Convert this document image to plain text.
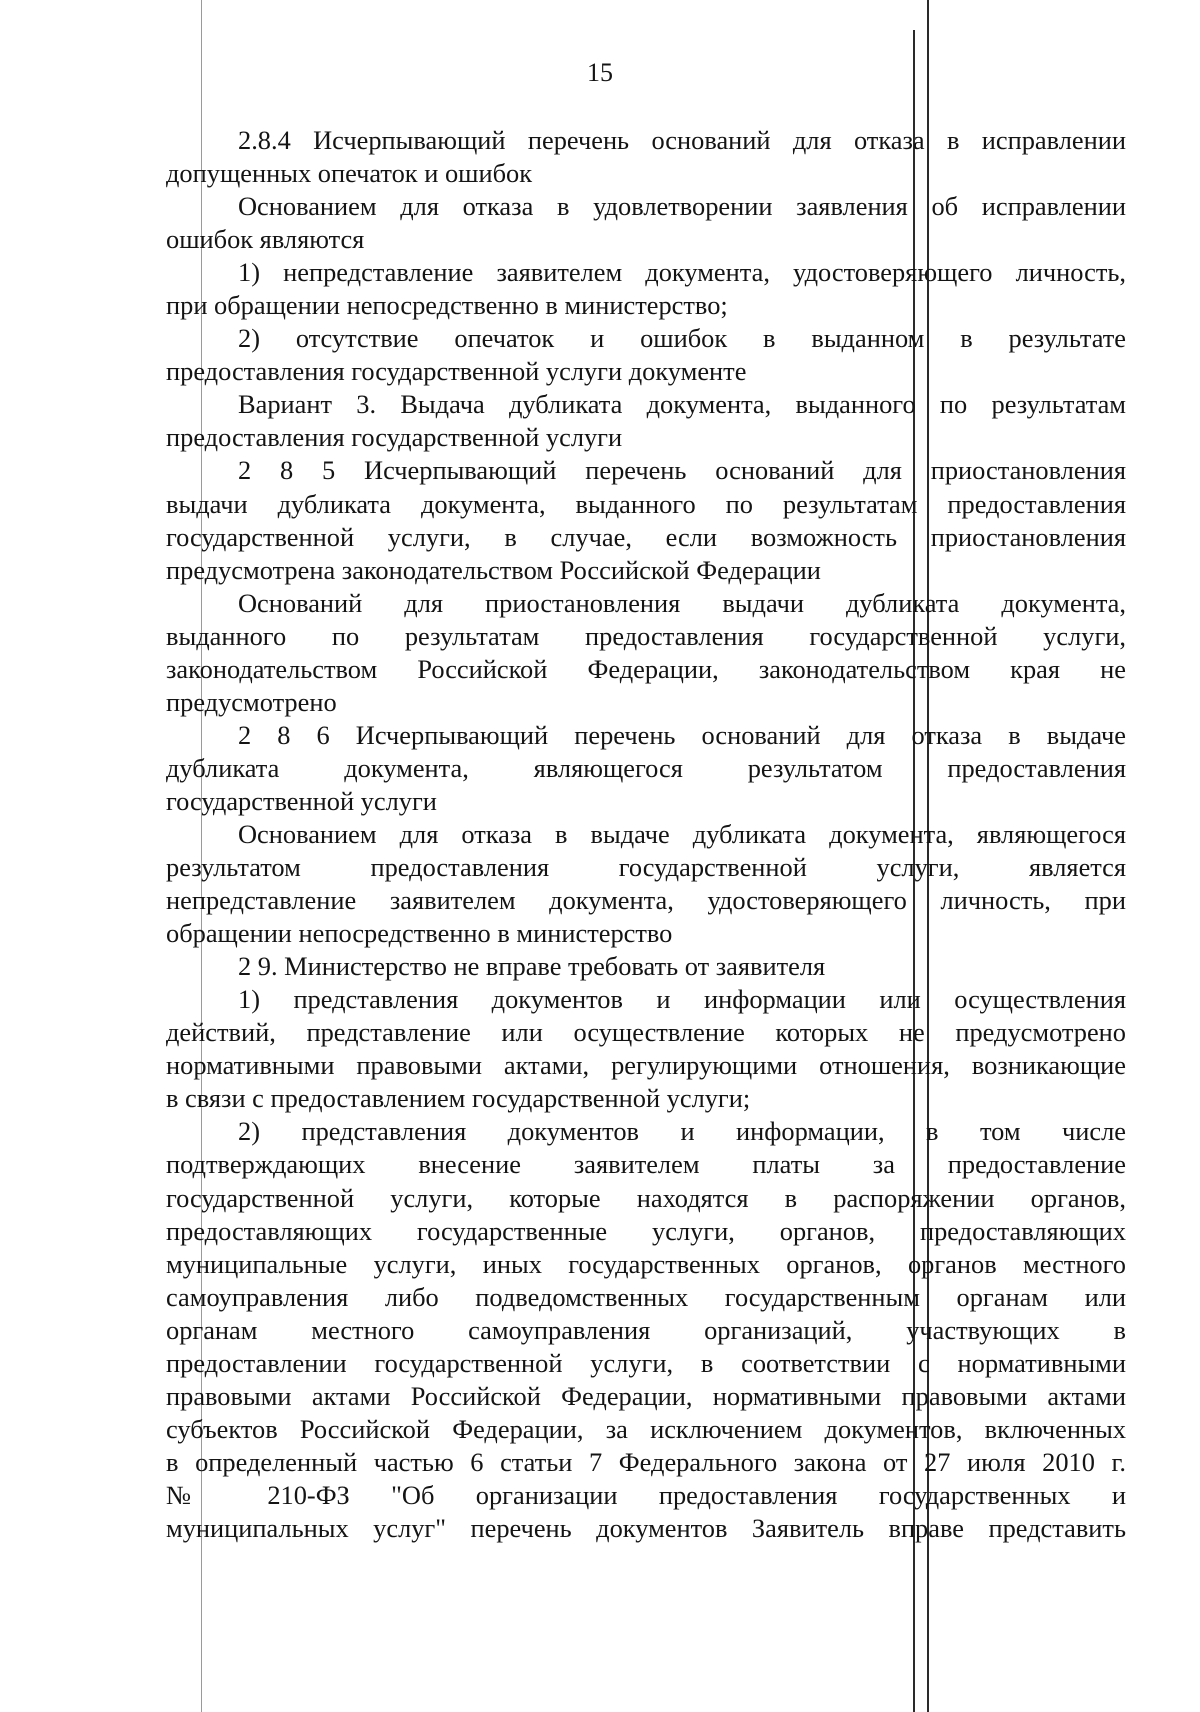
15
2.8.4 Исчерпывающий перечень оснований для отказа в исправлении
допущенных опечаток и ошибок
Основанием для отказа в удовлетворении заявления об исправлении
ошибок являются
1) непредставление заявителем документа, удостоверяющего личность,
при обращении непосредственно в министерство;
2) отсутствие опечаток и ошибок в выданном в результате
предоставления государственной услуги документе
Вариант 3. Выдача дубликата документа, выданного по результатам
предоставления государственной услуги
2 8 5 Исчерпывающий перечень оснований для приостановления
выдачи дубликата документа, выданного по результатам предоставления
государственной услуги, в случае, если возможность приостановления
предусмотрена законодательством Российской Федерации
Оснований для приостановления выдачи дубликата документа,
выданного по результатам предоставления государственной услуги,
законодательством Российской Федерации, законодательством края не
предусмотрено
2 8 6 Исчерпывающий перечень оснований для отказа в выдаче
дубликата документа, являющегося результатом предоставления
государственной услуги
Основанием для отказа в выдаче дубликата документа, являющегося
результатом предоставления государственной услуги, является
непредставление заявителем документа, удостоверяющего личность, при
обращении непосредственно в министерство
2 9. Министерство не вправе требовать от заявителя
1) представления документов и информации или осуществления
действий, представление или осуществление которых не предусмотрено
нормативными правовыми актами, регулирующими отношения, возникающие
в связи с предоставлением государственной услуги;
2) представления документов и информации, в том числе
подтверждающих внесение заявителем платы за предоставление
государственной услуги, которые находятся в распоряжении органов,
предоставляющих государственные услуги, органов, предоставляющих
муниципальные услуги, иных государственных органов, органов местного
самоуправления либо подведомственных государственным органам или
органам местного самоуправления организаций, участвующих в
предоставлении государственной услуги, в соответствии с нормативными
правовыми актами Российской Федерации, нормативными правовыми актами
субъектов Российской Федерации, за исключением документов, включенных
в определенный частью 6 статьи 7 Федерального закона от 27 июля 2010 г.
№ 210-ФЗ "Об организации предоставления государственных и
муниципальных услуг" перечень документов Заявитель вправе представить
